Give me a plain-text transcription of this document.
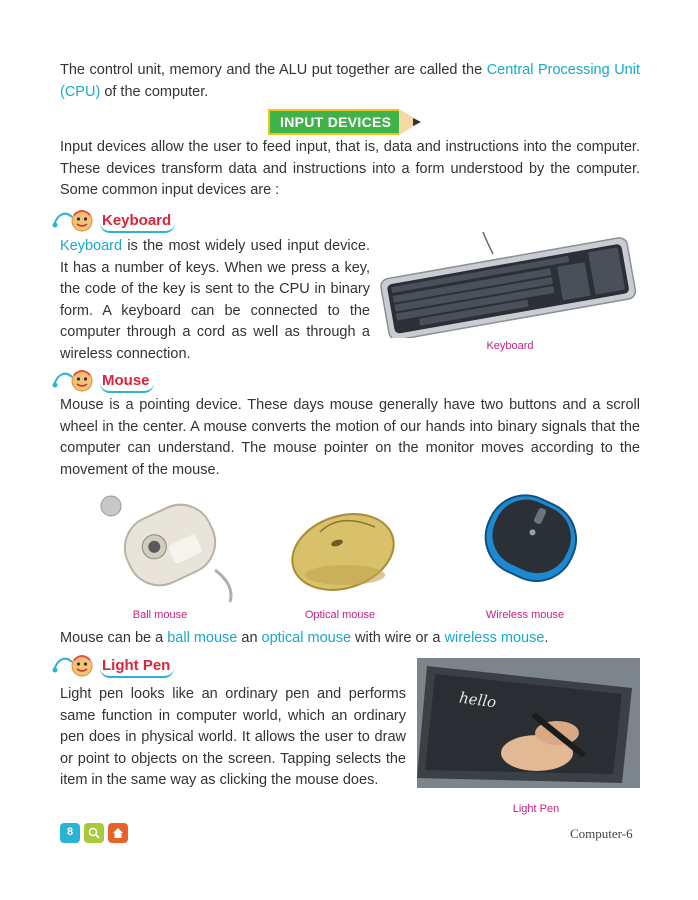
The control unit, memory and the ALU put together are called the Central Processing Unit (CPU) of the computer.
INPUT DEVICES
Input devices allow the user to feed input, that is, data and instructions into the computer. These devices transform data and instructions into a form understood by the computer. Some common input devices are :
Keyboard
Keyboard is the most widely used input device. It has a number of keys. When we press a key, the code of the key is sent to the CPU in binary form. A keyboard can be connected to the computer through a cord as well as through a wireless connection.	Keyboard
Mouse
Mouse is a pointing device. These days mouse generally have two buttons and a scroll wheel in the center. A mouse converts the motion of our hands into binary signals that the computer can understand. The mouse pointer on the monitor moves according to the movement of the mouse.
Ball mouse	Optical mouse	Wireless mouse
Mouse can be a ball mouse an optical mouse with wire or a wireless mouse.
Light Pen
Light pen looks like an ordinary pen and performs same function in computer world, which an ordinary pen does in physical world. It allows the user to draw or point to objects on the screen. Tapping selects the item in the same way as clicking the mouse does.
hello
Light Pen
8	Computer-6
